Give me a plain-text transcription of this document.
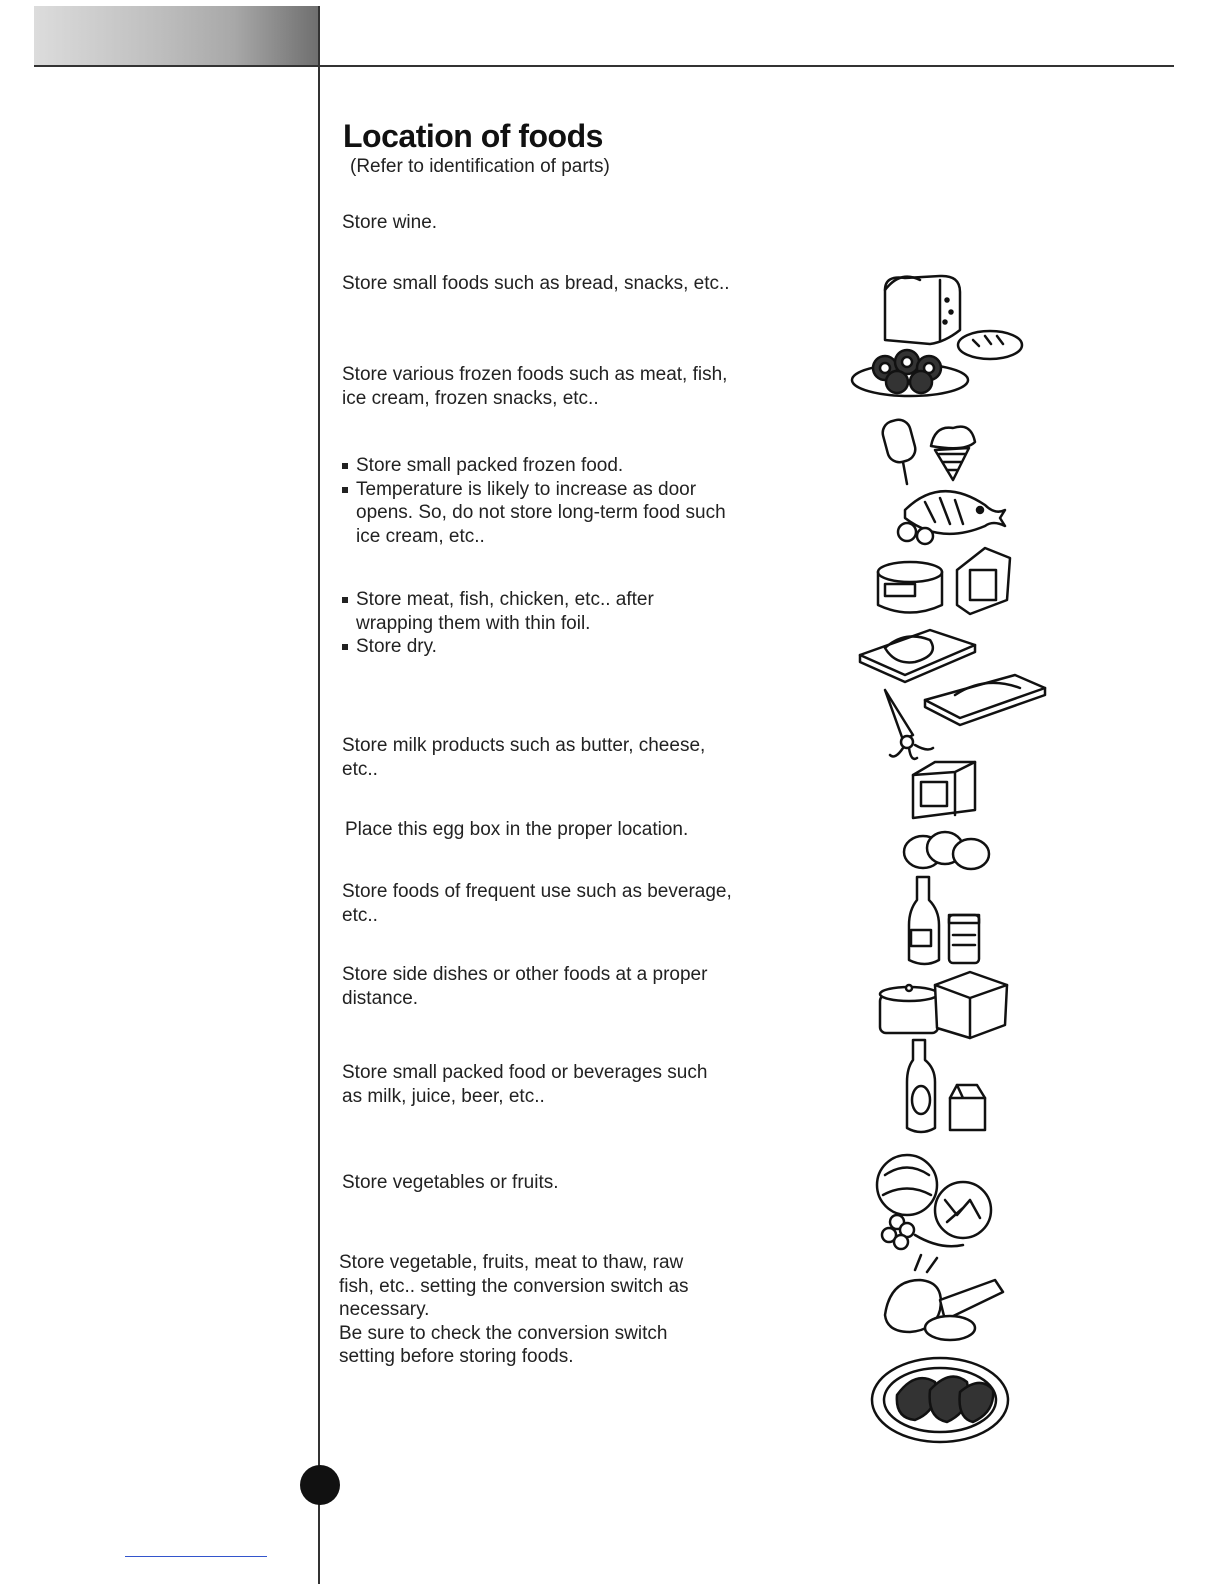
Location of foods

(Refer to identification of parts)

Store wine.

Store small foods such as bread, snacks, etc..

Store various frozen foods such as meat, fish, ice cream, frozen snacks, etc..

Store small packed frozen food.
Temperature is likely to increase as door opens. So, do not store long-term food such ice cream, etc..
Store meat, fish, chicken, etc.. after wrapping them with thin foil.
Store dry.

Store milk products such as butter, cheese, etc..

Place this egg box in the proper location.

Store foods of frequent use such as beverage, etc..

Store side dishes or other foods at a proper distance.

Store small packed food or beverages such as milk, juice, beer, etc..

Store vegetables or fruits.

Store vegetable, fruits, meat to thaw, raw fish, etc.. setting the conversion switch as necessary.

Be sure to check the conversion switch setting before storing foods.
